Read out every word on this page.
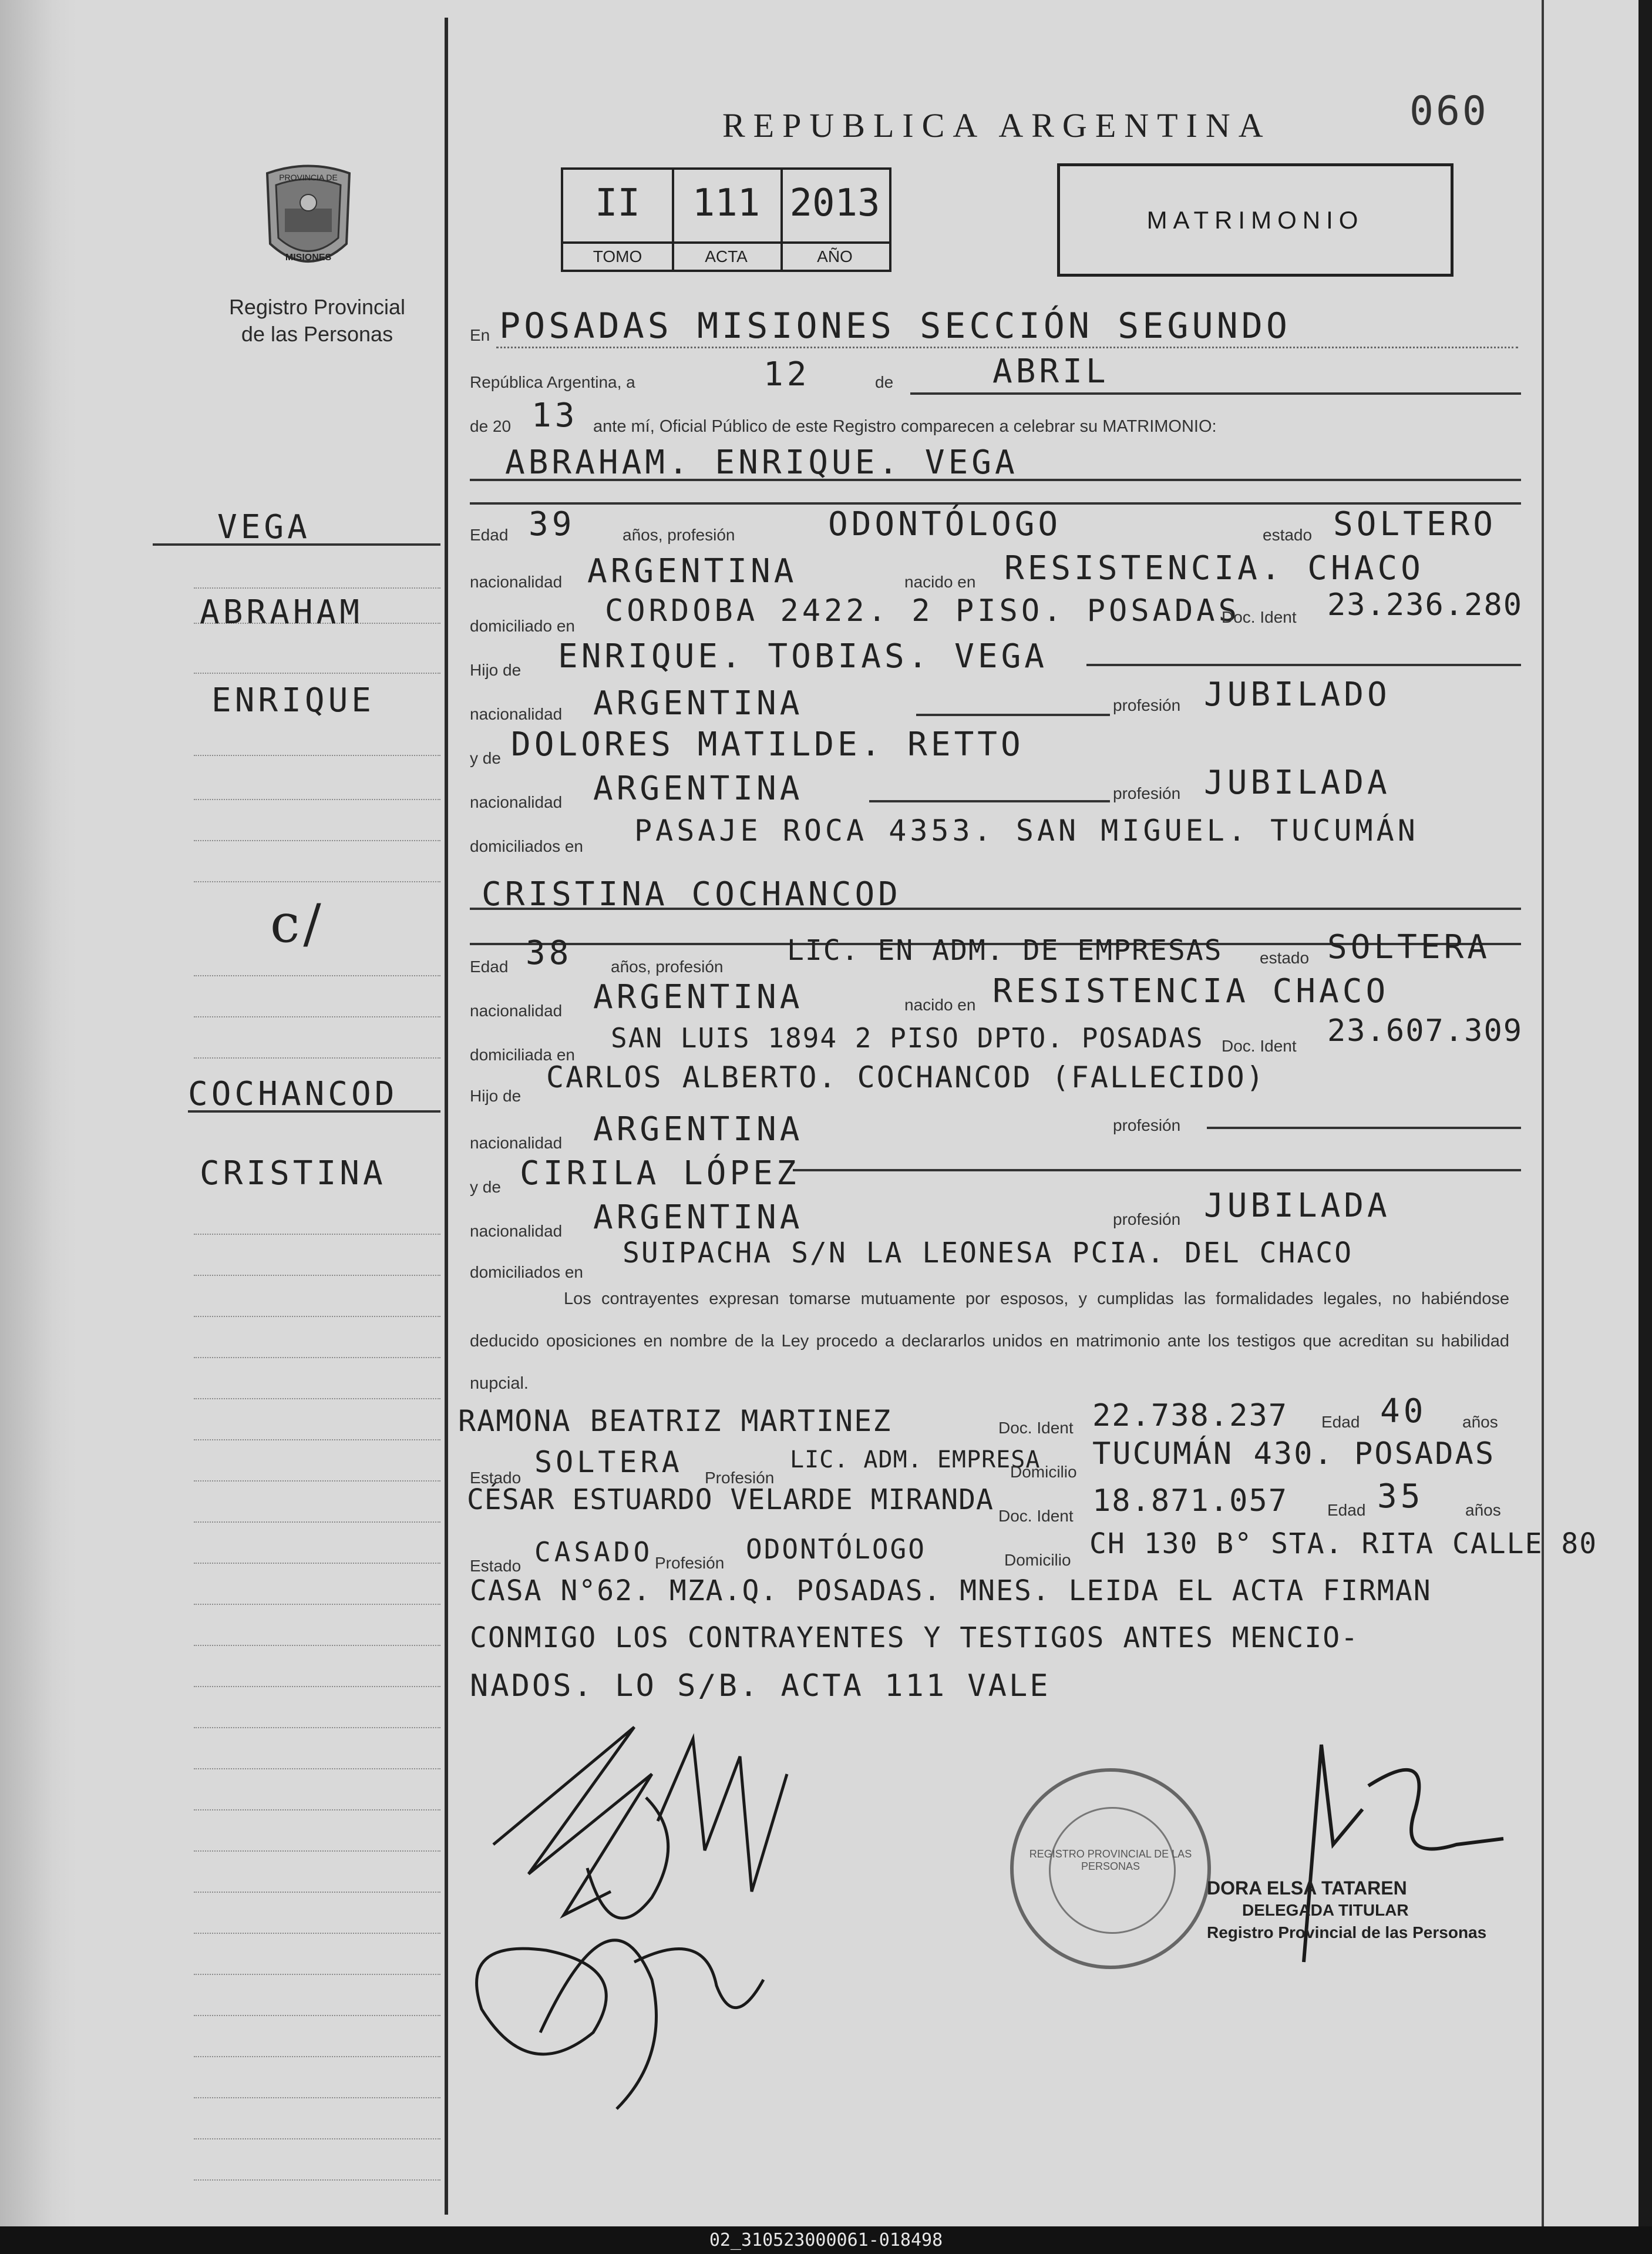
REPUBLICA ARGENTINA	060
PROVINCIA DE
MISIONES
Registro Provincial
de las Personas
II
TOMO
111
ACTA
2013
AÑO
MATRIMONIO
En POSADAS MISIONES SECCIÓN SEGUNDO
República Argentina, a	12	de	ABRIL
de 20 13 ante mí, Oficial Público de este Registro comparecen a celebrar su MATRIMONIO:
ABRAHAM. ENRIQUE. VEGA
Edad 39	años, profesión	ODONTÓLOGO	estado SOLTERO
nacionalidad ARGENTINA	nacido en RESISTENCIA. CHACO
domiciliado en CORDOBA 2422. 2 PISO. POSADAS
Doc. Ident 23.236.280
Hijo de ENRIQUE. TOBIAS. VEGA
nacionalidad ARGENTINA	profesión JUBILADO
y de DOLORES MATILDE. RETTO
nacionalidad ARGENTINA	profesión JUBILADA
domiciliados en PASAJE ROCA 4353. SAN MIGUEL. TUCUMÁN
CRISTINA COCHANCOD
Edad 38 años, profesión LIC. EN ADM. DE EMPRESAS estado SOLTERA
nacionalidad ARGENTINA	nacido en RESISTENCIA CHACO
domiciliada en
SAN LUIS 1894 2 PISO DPTO. POSADAS Doc. Ident 23.607.309
Hijo de
CARLOS ALBERTO. COCHANCOD (FALLECIDO)
nacionalidad ARGENTINA	profesión
y de CIRILA LÓPEZ
nacionalidad ARGENTINA	profesión JUBILADA
domiciliados en
SUIPACHA S/N LA LEONESA PCIA. DEL CHACO
Los contrayentes expresan tomarse mutuamente por esposos, y cumplidas las formalidades legales, no habiéndose deducido oposiciones en nombre de la Ley procedo a declararlos unidos en matrimonio ante los testigos que acreditan su habilidad nupcial.
RAMONA BEATRIZ MARTINEZ	Doc. Ident 22.738.237 Edad 40 años
Estado SOLTERA Profesión
LIC. ADM. EMPRESA
Domicilio
TUCUMÁN 430. POSADAS
CÉSAR ESTUARDO VELARDE MIRANDA Doc. Ident 18.871.057 Edad 35	años
Estado CASADO Profesión ODONTÓLOGO	Domicilio CH 130 B° STA. RITA CALLE 80
CASA N°62. MZA.Q. POSADAS. MNES. LEIDA EL ACTA FIRMAN
CONMIGO LOS CONTRAYENTES Y TESTIGOS ANTES MENCIO-
NADOS. LO S/B. ACTA 111 VALE
VEGA
ABRAHAM
ENRIQUE
c/
COCHANCOD
CRISTINA
REGISTRO PROVINCIAL DE LAS PERSONAS
DORA ELSA TATAREN
DELEGADA TITULAR
Registro Provincial de las Personas
02_310523000061-018498
